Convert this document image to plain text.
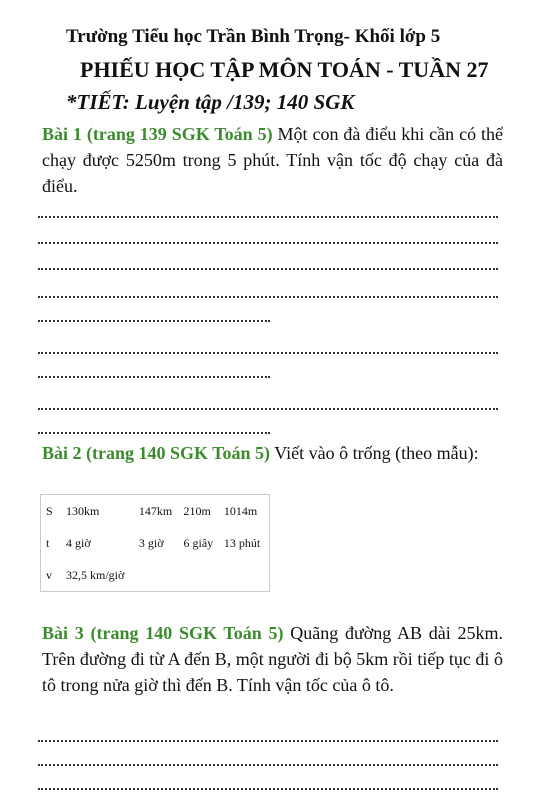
Trường Tiểu học Trần Bình Trọng- Khối lớp 5
PHIẾU HỌC TẬP MÔN TOÁN - TUẦN 27
*TIẾT: Luyện tập /139; 140 SGK
Bài 1 (trang 139 SGK Toán 5) Một con đà điểu khi cần có thể chạy được 5250m trong 5 phút. Tính vận tốc độ chạy của đà điểu.
Bài 2 (trang 140 SGK Toán 5) Viết vào ô trống (theo mẫu):
S	130km	147km	210m	1014m
t	4 giờ	3 giờ	6 giây	13 phút
v	32,5 km/giờ			
Bài 3 (trang 140 SGK Toán 5) Quãng đường AB dài 25km. Trên đường đi từ A đến B, một người đi bộ 5km rồi tiếp tục đi ô tô trong nửa giờ thì đến B. Tính vận tốc của ô tô.
